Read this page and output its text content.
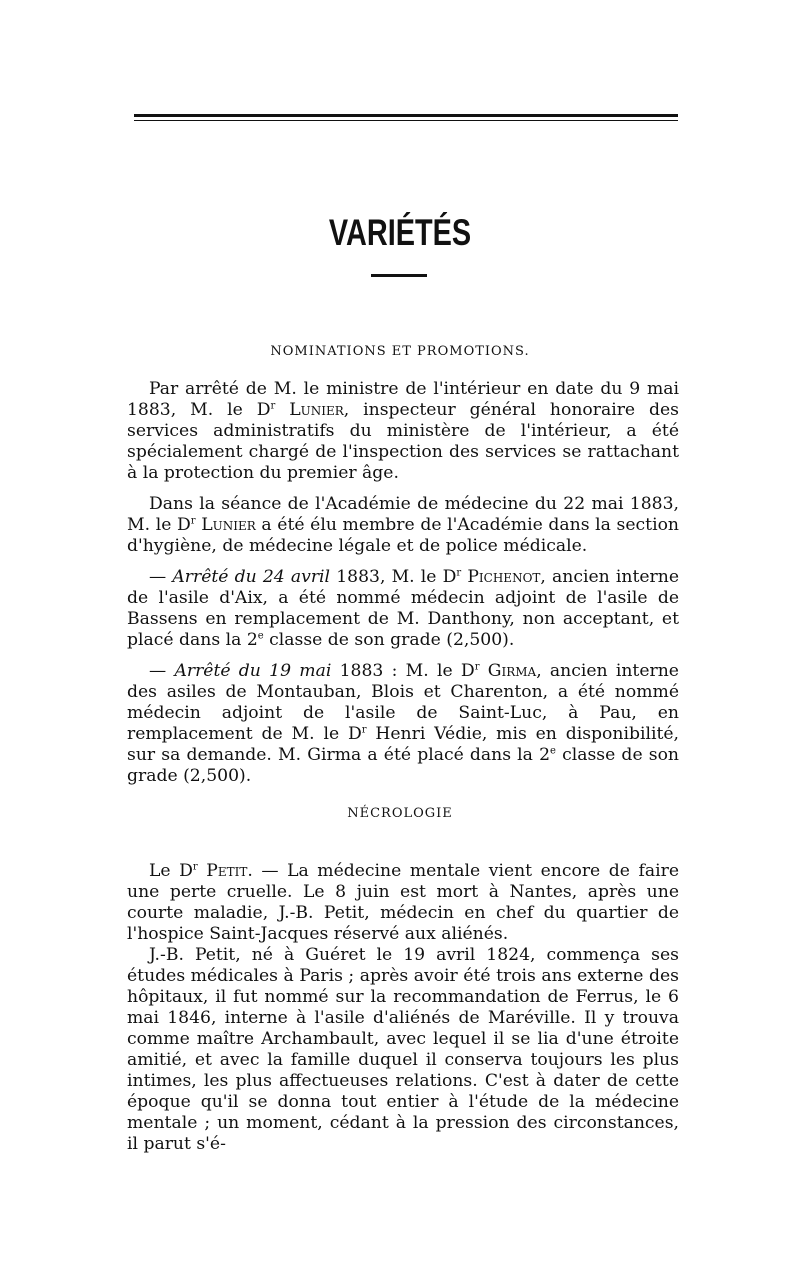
VARIÉTÉS
NOMINATIONS ET PROMOTIONS.

Par arrêté de M. le ministre de l'intérieur en date du 9 mai 1883, M. le $D^r$ Lunier, inspecteur général honoraire des services administratifs du ministère de l'intérieur, a été spécialement chargé de l'inspection des services se rattachant à la protection du premier âge.

Dans la séance de l'Académie de médecine du 22 mai 1883, M. le $D^r$ Lunier a été élu membre de l'Académie dans la section d'hygiène, de médecine légale et de police médicale.

— Arrêté du 24 avril 1883, M. le $D^r$ Pichenot, ancien interne de l'asile d'Aix, a été nommé médecin adjoint de l'asile de Bassens en remplacement de M. Danthony, non acceptant, et placé dans la 2e classe de son grade (2,500).

— Arrêté du 19 mai 1883 : M. le $D^r$ Girma, ancien interne des asiles de Montauban, Blois et Charenton, a été nommé médecin adjoint de l'asile de Saint-Luc, à Pau, en remplacement de M. le $D^r$ Henri Védie, mis en disponibilité, sur sa demande. M. Girma a été placé dans la 2e classe de son grade (2,500).

NÉCROLOGIE

Le $D^r$ Petit. — La médecine mentale vient encore de faire une perte cruelle. Le 8 juin est mort à Nantes, après une courte maladie, J.-B. Petit, médecin en chef du quartier de l'hospice Saint-Jacques réservé aux aliénés.

J.-B. Petit, né à Guéret le 19 avril 1824, commença ses études médicales à Paris ; après avoir été trois ans externe des hôpitaux, il fut nommé sur la recommandation de Ferrus, le 6 mai 1846, interne à l'asile d'aliénés de Maréville. Il y trouva comme maître Archambault, avec lequel il se lia d'une étroite amitié, et avec la famille duquel il conserva toujours les plus intimes, les plus affectueuses relations. C'est à dater de cette époque qu'il se donna tout entier à l'étude de la médecine mentale ; un moment, cédant à la pression des circonstances, il parut s'é-
